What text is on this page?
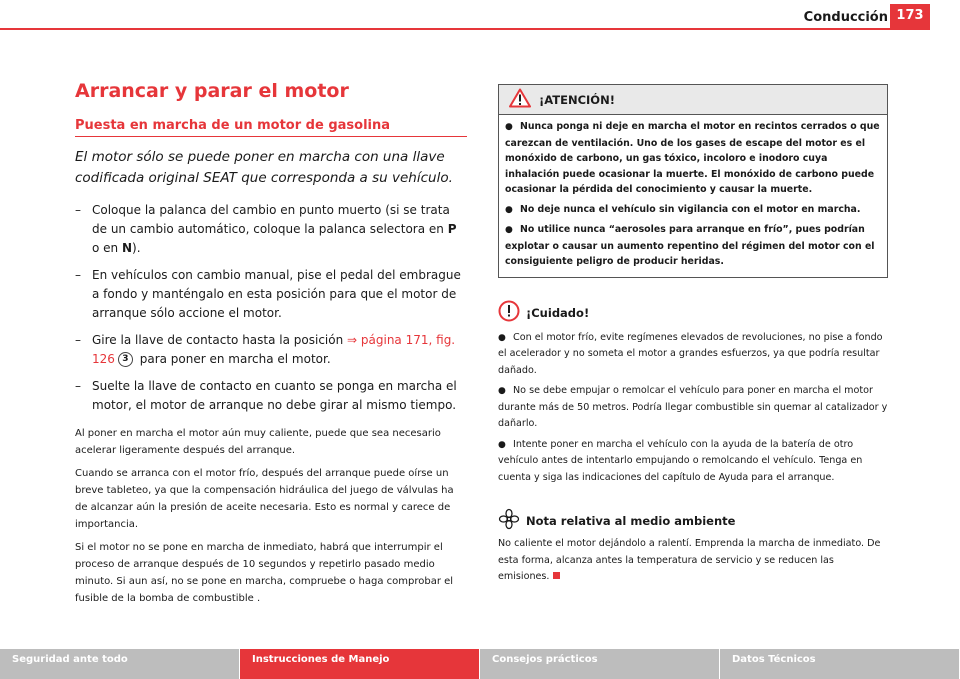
Conducción 173
Arrancar y parar el motor
Puesta en marcha de un motor de gasolina
El motor sólo se puede poner en marcha con una llave codificada original SEAT que corresponda a su vehículo.
– Coloque la palanca del cambio en punto muerto (si se trata de un cambio automático, coloque la palanca selectora en P o en N).
– En vehículos con cambio manual, pise el pedal del embrague a fondo y manténgalo en esta posición para que el motor de arranque sólo accione el motor.
– Gire la llave de contacto hasta la posición ⇒ página 171, fig. 126 3 para poner en marcha el motor.
– Suelte la llave de contacto en cuanto se ponga en marcha el motor, el motor de arranque no debe girar al mismo tiempo.

Al poner en marcha el motor aún muy caliente, puede que sea necesario acelerar ligeramente después del arranque.

Cuando se arranca con el motor frío, después del arranque puede oírse un breve tableteo, ya que la compensación hidráulica del juego de válvulas ha de alcanzar aún la presión de aceite necesaria. Esto es normal y carece de importancia.

Si el motor no se pone en marcha de inmediato, habrá que interrumpir el proceso de arranque después de 10 segundos y repetirlo pasado medio minuto. Si aun así, no se pone en marcha, compruebe o haga comprobar el fusible de la bomba de combustible .

¡ATENCIÓN!

● Nunca ponga ni deje en marcha el motor en recintos cerrados o que carezcan de ventilación. Uno de los gases de escape del motor es el monóxido de carbono, un gas tóxico, incoloro e inodoro cuya inhalación puede ocasionar la muerte. El monóxido de carbono puede ocasionar la pérdida del conocimiento y causar la muerte.

● No deje nunca el vehículo sin vigilancia con el motor en marcha.

● No utilice nunca “aerosoles para arranque en frío”, pues podrían explotar o causar un aumento repentino del régimen del motor con el consiguiente peligro de producir heridas.

¡Cuidado!

● Con el motor frío, evite regímenes elevados de revoluciones, no pise a fondo el acelerador y no someta el motor a grandes esfuerzos, ya que podría resultar dañado.

● No se debe empujar o remolcar el vehículo para poner en marcha el motor durante más de 50 metros. Podría llegar combustible sin quemar al catalizador y dañarlo.

● Intente poner en marcha el vehículo con la ayuda de la batería de otro vehículo antes de intentarlo empujando o remolcando el vehículo. Tenga en cuenta y siga las indicaciones del capítulo de Ayuda para el arranque.

Nota relativa al medio ambiente

No caliente el motor dejándolo a ralentí. Emprenda la marcha de inmediato. De esta forma, alcanza antes la temperatura de servicio y se reducen las emisiones.

Seguridad ante todo	Instrucciones de Manejo	Consejos prácticos	Datos Técnicos
